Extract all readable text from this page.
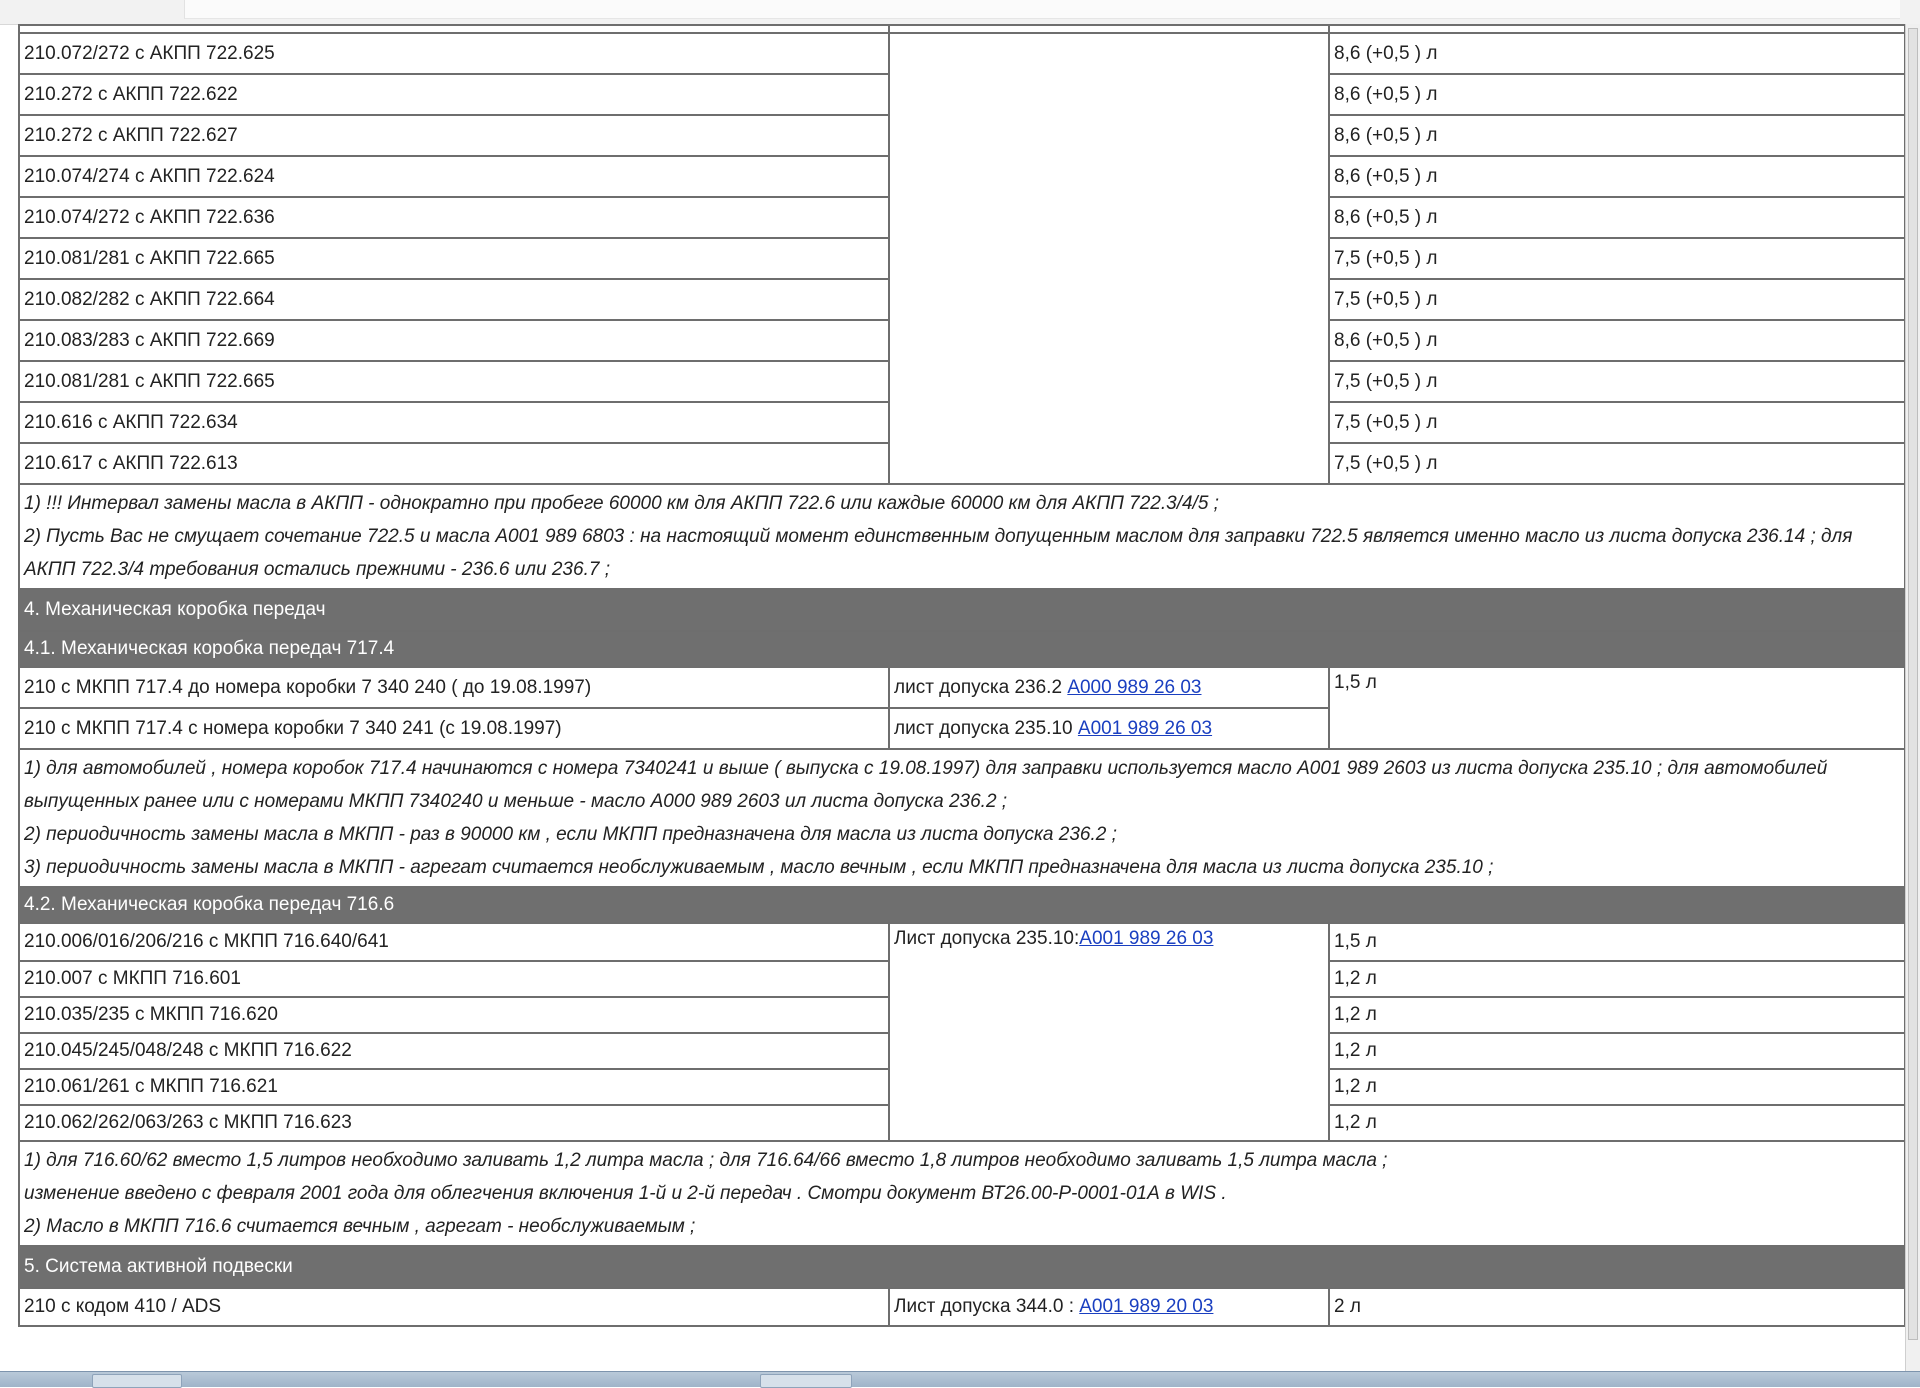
210.072/272 с АКПП 722.625		8,6 (+0,5 ) л
210.272 с АКПП 722.622		8,6 (+0,5 ) л
210.272 с АКПП 722.627		8,6 (+0,5 ) л
210.074/274 с АКПП 722.624		8,6 (+0,5 ) л
210.074/272 с АКПП 722.636		8,6 (+0,5 ) л
210.081/281 с АКПП 722.665		7,5 (+0,5 ) л
210.082/282 с АКПП 722.664		7,5 (+0,5 ) л
210.083/283 с АКПП 722.669		8,6 (+0,5 ) л
210.081/281 с АКПП 722.665		7,5 (+0,5 ) л
210.616 с АКПП 722.634		7,5 (+0,5 ) л
210.617 с АКПП 722.613		7,5 (+0,5 ) л

1) !!! Интервал замены масла в АКПП - однократно при пробеге 60000 км для АКПП 722.6 или каждые 60000 км для АКПП 722.3/4/5 ;
2) Пусть Вас не смущает сочетание 722.5 и масла А001 989 6803 : на настоящий момент единственным допущенным маслом для заправки 722.5 является именно масло из листа допуска 236.14 ; для АКПП 722.3/4 требования остались прежними - 236.6 или 236.7 ;		

4. Механическая коробка передач		
4.1. Механическая коробка передач 717.4		
210 с МКПП 717.4 до номера коробки 7 340 240 ( до 19.08.1997)	лист допуска 236.2 А000 989 26 03	1,5 л
210 с МКПП 717.4 с номера коробки 7 340 241 (с 19.08.1997)	лист допуска 235.10 А001 989 26 03	

1) для автомобилей , номера коробок 717.4 начинаются с номера 7340241 и выше ( выпуска с 19.08.1997) для заправки используется масло А001 989 2603 из листа допуска 235.10 ; для автомобилей выпущенных ранее или с номерами МКПП 7340240 и меньше - масло А000 989 2603 ил листа допуска 236.2 ;
2) периодичность замены масла в МКПП - раз в 90000 км , если МКПП предназначена для масла из листа допуска 236.2 ;
3) периодичность замены масла в МКПП - агрегат считается необслуживаемым , масло вечным , если МКПП предназначена для масла из листа допуска 235.10 ;		

4.2. Механическая коробка передач 716.6		
210.006/016/206/216 с МКПП 716.640/641	Лист допуска 235.10:А001 989 26 03	1,5 л
210.007 с МКПП 716.601		1,2 л
210.035/235 с МКПП 716.620		1,2 л
210.045/245/048/248 с МКПП 716.622		1,2 л
210.061/261 с МКПП 716.621		1,2 л
210.062/262/063/263 с МКПП 716.623		1,2 л

1) для 716.60/62 вместо 1,5 литров необходимо заливать 1,2 литра масла ; для 716.64/66 вместо 1,8 литров необходимо заливать 1,5 литра масла ;
изменение введено с февраля 2001 года для облегчения включения 1-й и 2-й передач . Смотри документ ВТ26.00-Р-0001-01А в WIS .
2) Масло в МКПП 716.6 считается вечным , агрегат - необслуживаемым ;		

5. Система активной подвески		
210 с кодом 410 / ADS	Лист допуска 344.0 : А001 989 20 03	2 л
